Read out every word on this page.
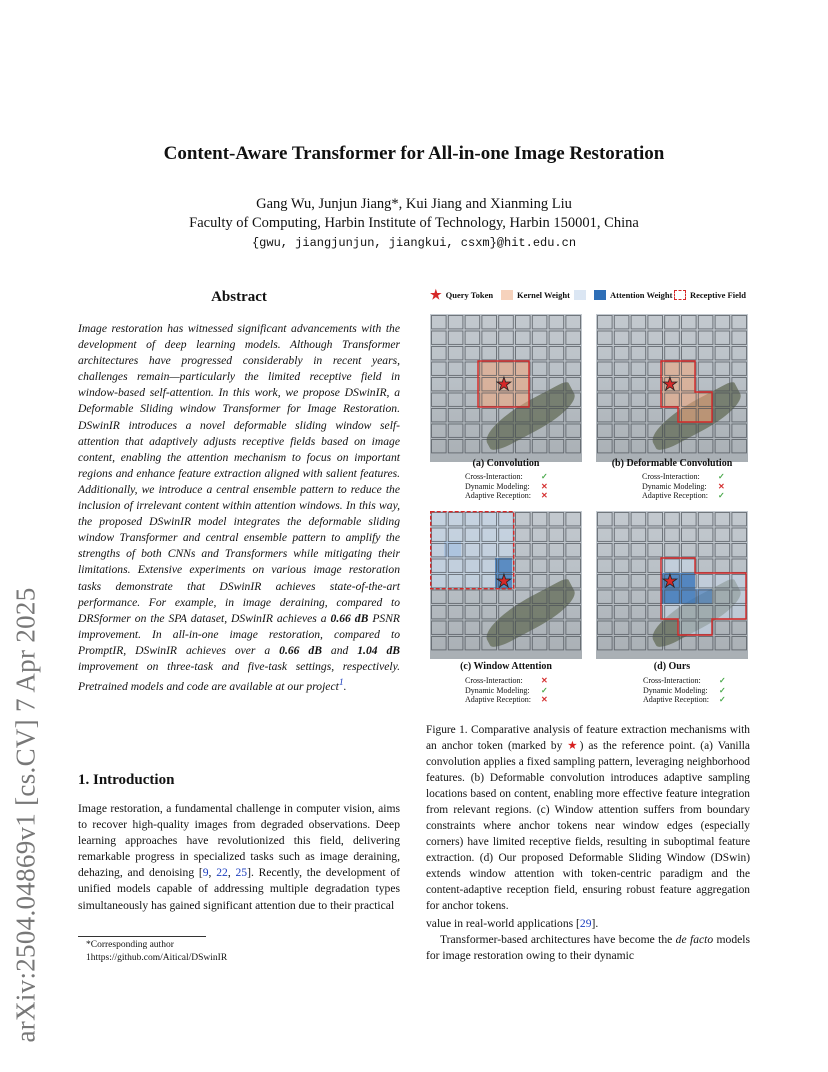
arXiv:2504.04869v1 [cs.CV] 7 Apr 2025
Content-Aware Transformer for All-in-one Image Restoration
Gang Wu, Junjun Jiang*, Kui Jiang and Xianming Liu
Faculty of Computing, Harbin Institute of Technology, Harbin 150001, China
{gwu, jiangjunjun, jiangkui, csxm}@hit.edu.cn
Abstract
Image restoration has witnessed significant advancements with the development of deep learning models. Although Transformer architectures have progressed considerably in recent years, challenges remain—particularly the limited receptive field in window-based self-attention. In this work, we propose DSwinIR, a Deformable Sliding window Transformer for Image Restoration. DSwinIR introduces a novel deformable sliding window self-attention that adaptively adjusts receptive fields based on image content, enabling the attention mechanism to focus on important regions and enhance feature extraction aligned with salient features. Additionally, we introduce a central ensemble pattern to reduce the inclusion of irrelevant content within attention windows. In this way, the proposed DSwinIR model integrates the deformable sliding window Transformer and central ensemble pattern to amplify the strengths of both CNNs and Transformers while mitigating their limitations. Extensive experiments on various image restoration tasks demonstrate that DSwinIR achieves state-of-the-art performance. For example, in image deraining, compared to DRSformer on the SPA dataset, DSwinIR achieves a 0.66 dB PSNR improvement. In all-in-one image restoration, compared to PromptIR, DSwinIR achieves over a 0.66 dB and 1.04 dB improvement on three-task and five-task settings, respectively. Pretrained models and code are available at our project$^1$.
1. Introduction
Image restoration, a fundamental challenge in computer vision, aims to recover high-quality images from degraded observations. Deep learning approaches have revolutionized this field, delivering remarkable progress in specialized tasks such as image deraining, dehazing, and denoising [9, 22, 25]. Recently, the development of unified models capable of addressing multiple degradation types simultaneously has gained significant attention due to their practical
*Corresponding author
1https://github.com/Aitical/DSwinIR
★ Query Token	Kernel Weight	Attention Weight Receptive Field
★
(a) Convolution
Cross-Interaction:	✓
Dynamic Modeling:	✕
Adaptive Reception:	✕
★
(b) Deformable Convolution
Cross-Interaction:	✓
Dynamic Modeling:	✕
Adaptive Reception:	✓
★
(c) Window Attention
Cross-Interaction:	✕
Dynamic Modeling:	✓
Adaptive Reception:	✕
★
(d) Ours
Cross-Interaction:	✓
Dynamic Modeling:	✓
Adaptive Reception:	✓
Figure 1. Comparative analysis of feature extraction mechanisms with an anchor token (marked by ★) as the reference point. (a) Vanilla convolution applies a fixed sampling pattern, leveraging neighborhood features. (b) Deformable convolution introduces adaptive sampling locations based on content, enabling more effective feature integration from relevant regions. (c) Window attention suffers from boundary constraints where anchor tokens near window edges (especially corners) have limited receptive fields, resulting in suboptimal feature extraction. (d) Our proposed Deformable Sliding Window (DSwin) extends window attention with token-centric paradigm and the content-adaptive reception field, ensuring robust feature aggregation for anchor tokens.
value in real-world applications [29].
Transformer-based architectures have become the de facto models for image restoration owing to their dynamic
